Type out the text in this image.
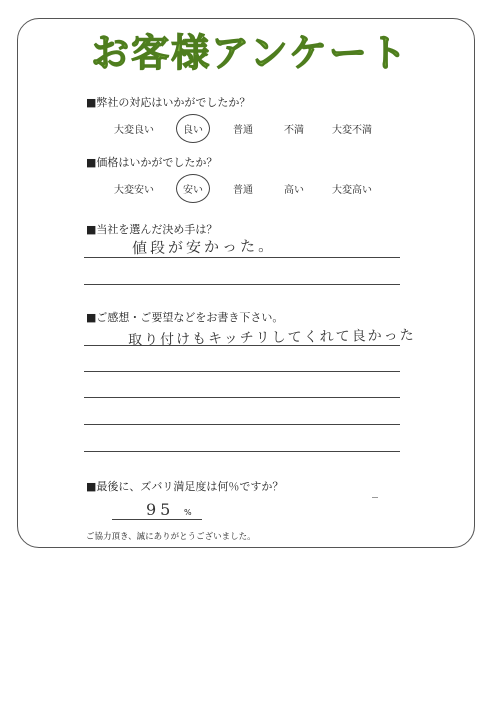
お客様アンケート
■弊社の対応はいかがでしたか？
大変良い	良い	普通	不満	大変不満
■価格はいかがでしたか？
大変安い	安い	普通	高い	大変高い
■当社を選んだ決め手は？
値段が安かった。
■ご感想・ご要望などをお書き下さい。
取り付けもキッチリしてくれて良かった
■最後に、ズバリ満足度は何％ですか？
95 %
ご協力頂き、誠にありがとうございました。
